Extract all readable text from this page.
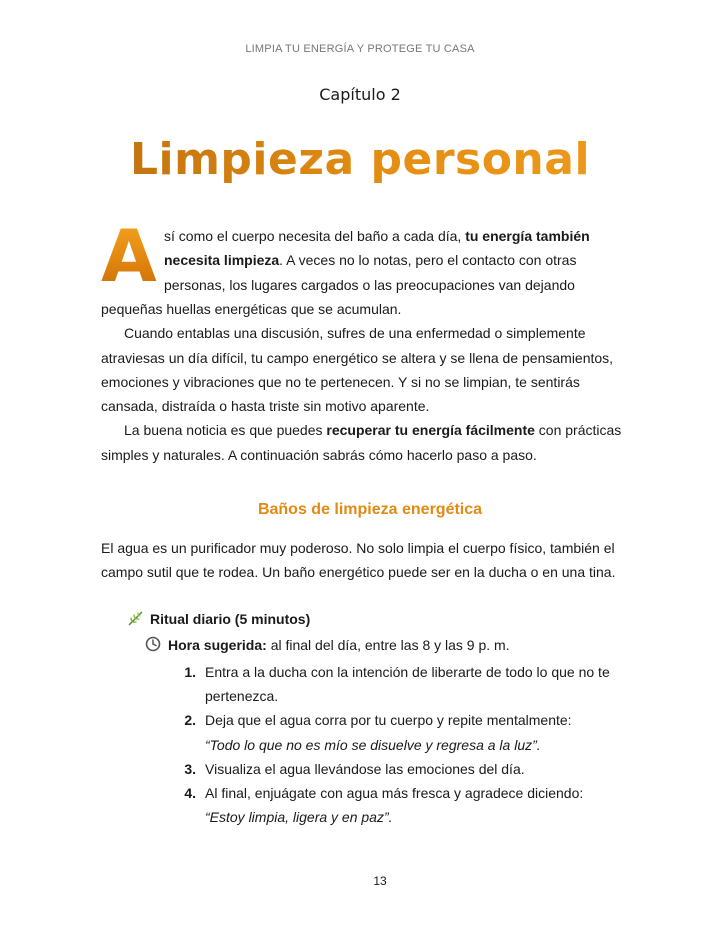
LIMPIA TU ENERGÍA Y PROTEGE TU CASA
Capítulo 2
Limpieza personal
A sí como el cuerpo necesita del baño a cada día, tu energía también
necesita limpieza. A veces no lo notas, pero el contacto con otras
personas, los lugares cargados o las preocupaciones van dejando
pequeñas huellas energéticas que se acumulan.
Cuando entablas una discusión, sufres de una enfermedad o simplemente
atraviesas un día difícil, tu campo energético se altera y se llena de pensamientos,
emociones y vibraciones que no te pertenecen. Y si no se limpian, te sentirás
cansada, distraída o hasta triste sin motivo aparente.
La buena noticia es que puedes recuperar tu energía fácilmente con prácticas
simples y naturales. A continuación sabrás cómo hacerlo paso a paso.
Baños de limpieza energética
El agua es un purificador muy poderoso. No solo limpia el cuerpo físico, también el
campo sutil que te rodea. Un baño energético puede ser en la ducha o en una tina.
Ritual diario (5 minutos)
Hora sugerida: al final del día, entre las 8 y las 9 p. m.
1. Entra a la ducha con la intención de liberarte de todo lo que no te
pertenezca.
2. Deja que el agua corra por tu cuerpo y repite mentalmente:
“Todo lo que no es mío se disuelve y regresa a la luz”.
3. Visualiza el agua llevándose las emociones del día.
4. Al final, enjuágate con agua más fresca y agradece diciendo:
“Estoy limpia, ligera y en paz”.
13
